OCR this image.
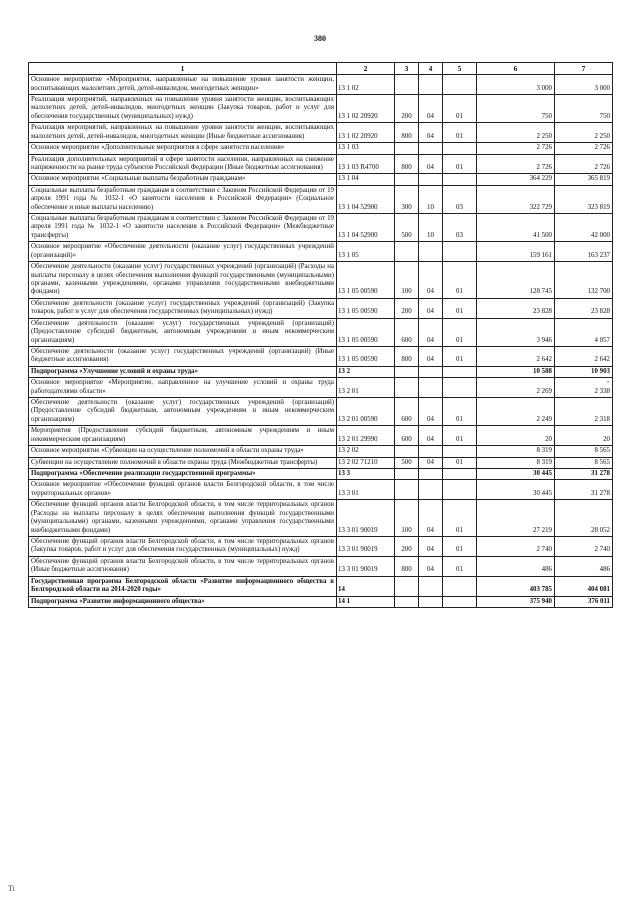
380
1	2	3	4	5	6	7
Основное мероприятие «Мероприятия, направленные на повышение уровня занятости женщин, воспитывающих малолетних детей, детей-инвалидов, многодетных женщин»	13 1 02				3 000	3 000
Реализация мероприятий, направленных на повышение уровня занятости женщин, воспитывающих малолетних детей, детей-инвалидов, многодетных женщин (Закупка товаров, работ и услуг для обеспечения государственных (муниципальных) нужд)	13 1 02 20920	200	04	01	750	750
Реализация мероприятий, направленных на повышение уровня занятости женщин, воспитывающих малолетних детей, детей-инвалидов, многодетных женщин (Иные бюджетные ассигнования)	13 1 02 20920	800	04	01	2 250	2 250
Основное мероприятие «Дополнительные мероприятия в сфере занятости населения»	13 1 03				2 726	2 726
Реализация дополнительных мероприятий в сфере занятости населения, направленных на снижение напряженности на рынке труда субъектов Российской Федерации (Иные бюджетные ассигнования)	13 1 03 R4700	800	04	01	2 726	2 726
Основное мероприятие «Социальные выплаты безработным гражданам»	13 1 04				364 229	365 819
Социальные выплаты безработным гражданам в соответствии с Законом Российской Федерации от 19 апреля 1991 года № 1032-1 «О занятости населения в Российской Федерации» (Социальное обеспечение и иные выплаты населению)	13 1 04 52900	300	10	03	322 729	323 819
Социальные выплаты безработным гражданам в соответствии с Законом Российской Федерации от 19 апреля 1991 года № 1032-1 «О занятости населения в Российской Федерации» (Межбюджетные трансферты)	13 1 04 52900	500	10	03	41 500	42 000
Основное мероприятие «Обеспечение деятельности (оказание услуг) государственных учреждений (организаций)»	13 1 05				159 161	163 237
Обеспечение деятельности (оказание услуг) государственных учреждений (организаций) (Расходы на выплаты персоналу в целях обеспечения выполнения функций государственными (муниципальными) органами, казенными учреждениями, органами управления государственными внебюджетными фондами)	13 1 05 00590	100	04	01	128 745	132 700
Обеспечение деятельности (оказание услуг) государственных учреждений (организаций) (Закупка товаров, работ и услуг для обеспечения государственных (муниципальных) нужд)	13 1 05 00590	200	04	01	23 828	23 828
Обеспечение деятельности (оказание услуг) государственных учреждений (организаций) (Предоставление субсидий бюджетным, автономным учреждениям и иным некоммерческим организациям)	13 1 05 00590	600	04	01	3 946	4 057
Обеспечение деятельности (оказание услуг) государственных учреждений (организаций) (Иные бюджетные ассигнования)	13 1 05 00590	800	04	01	2 642	2 642
Подпрограмма «Улучшение условий и охраны труда»	13 2				10 588	10 903
Основное мероприятие «Мероприятие, направленное на улучшение условий и охраны труда работодателями области»	13 2 01				2 269	2 338
Обеспечение деятельности (оказание услуг) государственных учреждений (организаций) (Предоставление субсидий бюджетным, автономным учреждениям и иным некоммерческим организациям)	13 2 01 00590	600	04	01	2 249	2 318
Мероприятия (Предоставление субсидий бюджетным, автономным учреждениям и иным некоммерческим организациям)	13 2 01 29990	600	04	01	20	20
Основное мероприятие «Субвенции на осуществление полномочий в области охраны труда»	13 2 02				8 319	8 565
Субвенции на осуществление полномочий в области охраны труда (Межбюджетные трансферты)	13 2 02 71210	500	04	01	8 319	8 565
Подпрограмма «Обеспечение реализации государственной программы»	13 3				30 445	31 278
Основное мероприятие «Обеспечение функций органов власти Белгородской области, в том числе территориальных органов»	13 3 01				30 445	31 278
Обеспечение функций органов власти Белгородской области, в том числе территориальных органов (Расходы на выплаты персоналу в целях обеспечения выполнения функций государственными (муниципальными) органами, казенными учреждениями, органами управления государственными внебюджетными фондами)	13 3 01 90019	100	04	01	27 219	28 052
Обеспечение функций органов власти Белгородской области, в том числе территориальных органов (Закупка товаров, работ и услуг для обеспечения государственных (муниципальных) нужд)	13 3 01 90019	200	04	01	2 740	2 740
Обеспечение функций органов власти Белгородской области, в том числе территориальных органов (Иные бюджетные ассигнования)	13 3 01 90019	800	04	01	486	486
Государственная программа Белгородской области «Развитие информационного общества в Белгородской области на 2014-2020 годы»	14				403 785	404 081
Подпрограмма «Развитие информационного общества»	14 1				375 940	376 011
•
Ti
